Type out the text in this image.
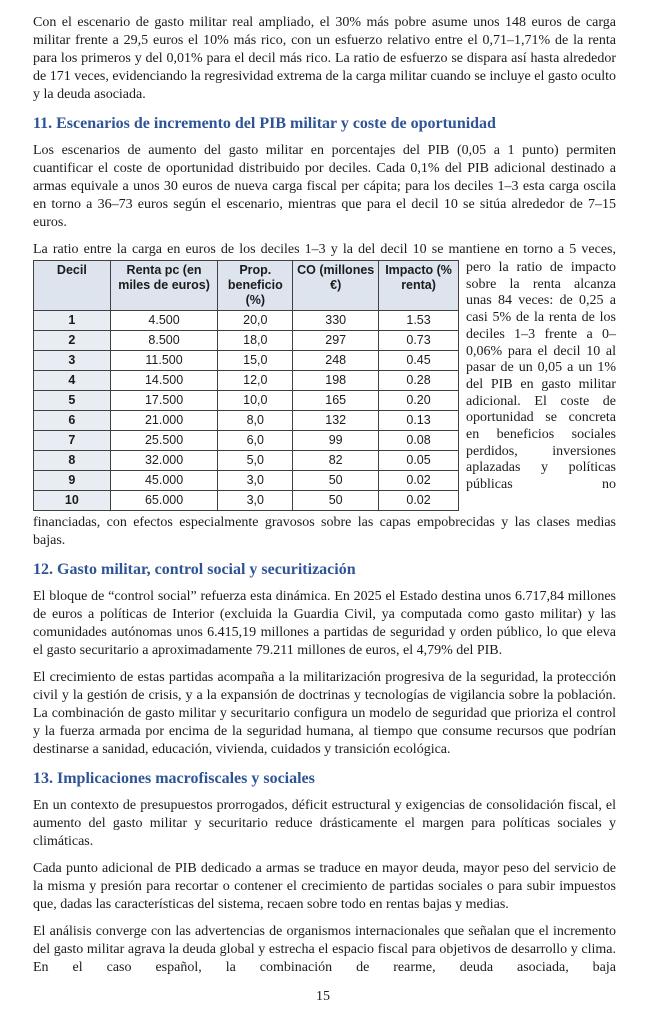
Con el escenario de gasto militar real ampliado, el 30% más pobre asume unos 148 euros de carga militar frente a 29,5 euros el 10% más rico, con un esfuerzo relativo entre el 0,71–1,71% de la renta para los primeros y del 0,01% para el decil más rico. La ratio de esfuerzo se dispara así hasta alrededor de 171 veces, evidenciando la regresividad extrema de la carga militar cuando se incluye el gasto oculto y la deuda asociada.

11. Escenarios de incremento del PIB militar y coste de oportunidad

Los escenarios de aumento del gasto militar en porcentajes del PIB (0,05 a 1 punto) permiten cuantificar el coste de oportunidad distribuido por deciles. Cada 0,1% del PIB adicional destinado a armas equivale a unos 30 euros de nueva carga fiscal per cápita; para los deciles 1–3 esta carga oscila en torno a 36–73 euros según el escenario, mientras que para el decil 10 se sitúa alrededor de 7–15 euros.

La ratio entre la carga en euros de los deciles 1–3 y la del decil 10 se mantiene en torno a 5 veces,

Decil	Renta pc (en miles de euros)	Prop. beneficio (%)	CO (millones €)	Impacto (% renta)
1	4.500	20,0	330	1.53
2	8.500	18,0	297	0.73
3	11.500	15,0	248	0.45
4	14.500	12,0	198	0.28
5	17.500	10,0	165	0.20
6	21.000	8,0	132	0.13
7	25.500	6,0	99	0.08
8	32.000	5,0	82	0.05
9	45.000	3,0	50	0.02
10	65.000	3,0	50	0.02
pero la ratio de impacto sobre la renta alcanza unas 84 veces: de 0,25 a casi 5% de la renta de los deciles 1–3 frente a 0–0,06% para el decil 10 al pasar de un 0,05 a un 1% del PIB en gasto militar adicional. El coste de oportunidad se concreta en beneficios sociales perdidos, inversiones aplazadas y políticas públicas no

financiadas, con efectos especialmente gravosos sobre las capas empobrecidas y las clases medias bajas.

12. Gasto militar, control social y securitización

El bloque de “control social” refuerza esta dinámica. En 2025 el Estado destina unos 6.717,84 millones de euros a políticas de Interior (excluida la Guardia Civil, ya computada como gasto militar) y las comunidades autónomas unos 6.415,19 millones a partidas de seguridad y orden público, lo que eleva el gasto securitario a aproximadamente 79.211 millones de euros, el 4,79% del PIB.

El crecimiento de estas partidas acompaña a la militarización progresiva de la seguridad, la protección civil y la gestión de crisis, y a la expansión de doctrinas y tecnologías de vigilancia sobre la población. La combinación de gasto militar y securitario configura un modelo de seguridad que prioriza el control y la fuerza armada por encima de la seguridad humana, al tiempo que consume recursos que podrían destinarse a sanidad, educación, vivienda, cuidados y transición ecológica.

13. Implicaciones macrofiscales y sociales

En un contexto de presupuestos prorrogados, déficit estructural y exigencias de consolidación fiscal, el aumento del gasto militar y securitario reduce drásticamente el margen para políticas sociales y climáticas.

Cada punto adicional de PIB dedicado a armas se traduce en mayor deuda, mayor peso del servicio de la misma y presión para recortar o contener el crecimiento de partidas sociales o para subir impuestos que, dadas las características del sistema, recaen sobre todo en rentas bajas y medias.

El análisis converge con las advertencias de organismos internacionales que señalan que el incremento del gasto militar agrava la deuda global y estrecha el espacio fiscal para objetivos de desarrollo y clima. En el caso español, la combinación de rearme, deuda asociada, baja

15
